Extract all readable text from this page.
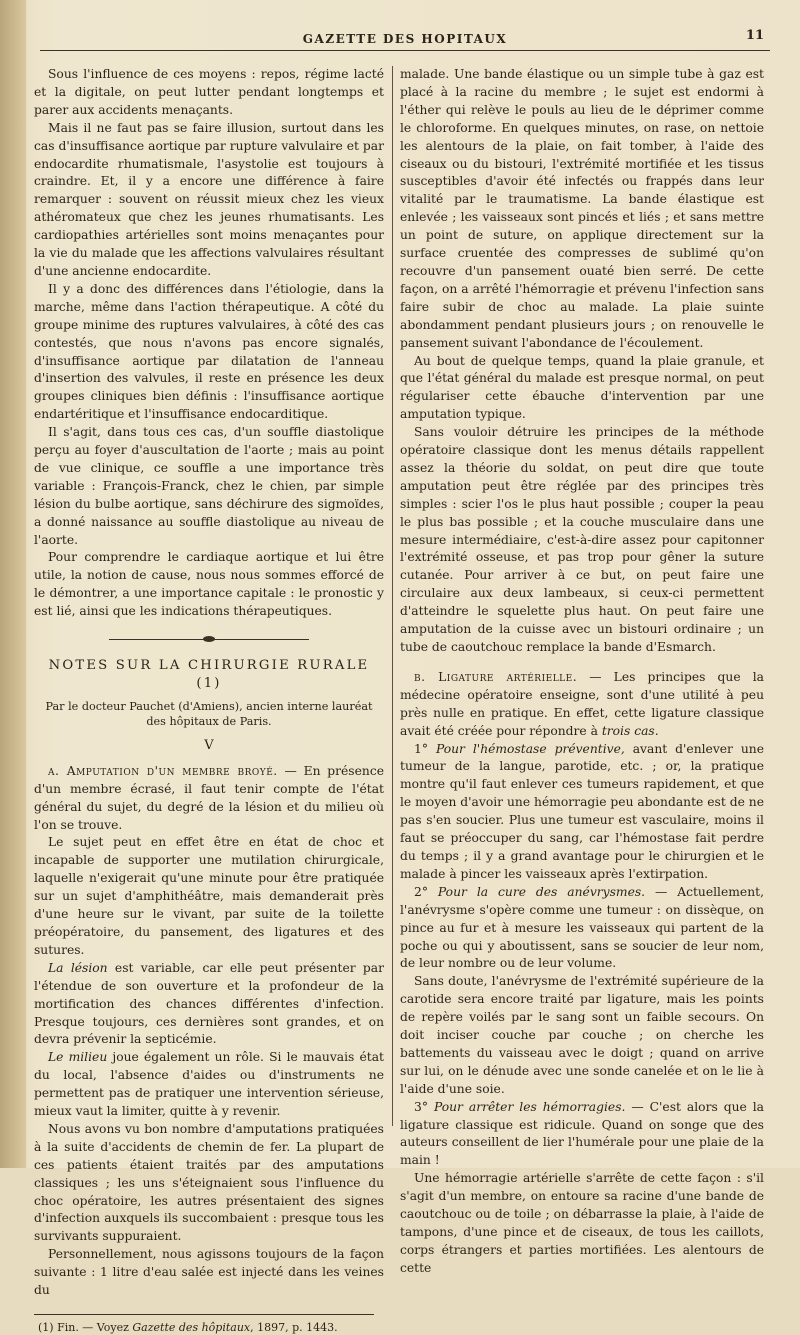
GAZETTE DES HOPITAUX	11

Sous l'influence de ces moyens : repos, régime lacté et la digitale, on peut lutter pendant longtemps et parer aux accidents menaçants.

Mais il ne faut pas se faire illusion, surtout dans les cas d'insuffisance aortique par rupture valvulaire et par endocardite rhumatismale, l'asystolie est toujours à craindre. Et, il y a encore une différence à faire remarquer : souvent on réussit mieux chez les vieux athéromateux que chez les jeunes rhumatisants. Les cardiopathies artérielles sont moins menaçantes pour la vie du malade que les affections valvulaires résultant d'une ancienne endocardite.

Il y a donc des différences dans l'étiologie, dans la marche, même dans l'action thérapeutique. A côté du groupe minime des ruptures valvulaires, à côté des cas contestés, que nous n'avons pas encore signalés, d'insuffisance aortique par dilatation de l'anneau d'insertion des valvules, il reste en présence les deux groupes cliniques bien définis : l'insuffisance aortique endartéritique et l'insuffisance endocarditique.

Il s'agit, dans tous ces cas, d'un souffle diastolique perçu au foyer d'auscultation de l'aorte ; mais au point de vue clinique, ce souffle a une importance très variable : François-Franck, chez le chien, par simple lésion du bulbe aortique, sans déchirure des sigmoïdes, a donné naissance au souffle diastolique au niveau de l'aorte.

Pour comprendre le cardiaque aortique et lui être utile, la notion de cause, nous nous sommes efforcé de le démontrer, a une importance capitale : le pronostic y est lié, ainsi que les indications thérapeutiques.

NOTES SUR LA CHIRURGIE RURALE (1)
Par le docteur Pauchet (d'Amiens), ancien interne lauréat des hôpitaux de Paris.
V

a. Amputation d'un membre broyé. — En présence d'un membre écrasé, il faut tenir compte de l'état général du sujet, du degré de la lésion et du milieu où l'on se trouve.

Le sujet peut en effet être en état de choc et incapable de supporter une mutilation chirurgicale, laquelle n'exigerait qu'une minute pour être pratiquée sur un sujet d'amphithéâtre, mais demanderait près d'une heure sur le vivant, par suite de la toilette préopératoire, du pansement, des ligatures et des sutures.

La lésion est variable, car elle peut présenter par l'étendue de son ouverture et la profondeur de la mortification des chances différentes d'infection. Presque toujours, ces dernières sont grandes, et on devra prévenir la septicémie.

Le milieu joue également un rôle. Si le mauvais état du local, l'absence d'aides ou d'instruments ne permettent pas de pratiquer une intervention sérieuse, mieux vaut la limiter, quitte à y revenir.

Nous avons vu bon nombre d'amputations pratiquées à la suite d'accidents de chemin de fer. La plupart de ces patients étaient traités par des amputations classiques ; les uns s'éteignaient sous l'influence du choc opératoire, les autres présentaient des signes d'infection auxquels ils succombaient : presque tous les survivants suppuraient.

Personnellement, nous agissons toujours de la façon suivante : 1 litre d'eau salée est injecté dans les veines du

(1) Fin. — Voyez Gazette des hôpitaux, 1897, p. 1443.

malade. Une bande élastique ou un simple tube à gaz est placé à la racine du membre ; le sujet est endormi à l'éther qui relève le pouls au lieu de le déprimer comme le chloroforme. En quelques minutes, on rase, on nettoie les alentours de la plaie, on fait tomber, à l'aide des ciseaux ou du bistouri, l'extrémité mortifiée et les tissus susceptibles d'avoir été infectés ou frappés dans leur vitalité par le traumatisme. La bande élastique est enlevée ; les vaisseaux sont pincés et liés ; et sans mettre un point de suture, on applique directement sur la surface cruentée des compresses de sublimé qu'on recouvre d'un pansement ouaté bien serré. De cette façon, on a arrêté l'hémorragie et prévenu l'infection sans faire subir de choc au malade. La plaie suinte abondamment pendant plusieurs jours ; on renouvelle le pansement suivant l'abondance de l'écoulement.

Au bout de quelque temps, quand la plaie granule, et que l'état général du malade est presque normal, on peut régulariser cette ébauche d'intervention par une amputation typique.

Sans vouloir détruire les principes de la méthode opératoire classique dont les menus détails rappellent assez la théorie du soldat, on peut dire que toute amputation peut être réglée par des principes très simples : scier l'os le plus haut possible ; couper la peau le plus bas possible ; et la couche musculaire dans une mesure intermédiaire, c'est-à-dire assez pour capitonner l'extrémité osseuse, et pas trop pour gêner la suture cutanée. Pour arriver à ce but, on peut faire une circulaire aux deux lambeaux, si ceux-ci permettent d'atteindre le squelette plus haut. On peut faire une amputation de la cuisse avec un bistouri ordinaire ; un tube de caoutchouc remplace la bande d'Esmarch.

b. Ligature artérielle. — Les principes que la médecine opératoire enseigne, sont d'une utilité à peu près nulle en pratique. En effet, cette ligature classique avait été créée pour répondre à trois cas.

1° Pour l'hémostase préventive, avant d'enlever une tumeur de la langue, parotide, etc. ; or, la pratique montre qu'il faut enlever ces tumeurs rapidement, et que le moyen d'avoir une hémorragie peu abondante est de ne pas s'en soucier. Plus une tumeur est vasculaire, moins il faut se préoccuper du sang, car l'hémostase fait perdre du temps ; il y a grand avantage pour le chirurgien et le malade à pincer les vaisseaux après l'extirpation.

2° Pour la cure des anévrysmes. — Actuellement, l'anévrysme s'opère comme une tumeur : on dissèque, on pince au fur et à mesure les vaisseaux qui partent de la poche ou qui y aboutissent, sans se soucier de leur nom, de leur nombre ou de leur volume.

Sans doute, l'anévrysme de l'extrémité supérieure de la carotide sera encore traité par ligature, mais les points de repère voilés par le sang sont un faible secours. On doit inciser couche par couche ; on cherche les battements du vaisseau avec le doigt ; quand on arrive sur lui, on le dénude avec une sonde canelée et on le lie à l'aide d'une soie.

3° Pour arrêter les hémorragies. — C'est alors que la ligature classique est ridicule. Quand on songe que des auteurs conseillent de lier l'humérale pour une plaie de la main !

Une hémorragie artérielle s'arrête de cette façon : s'il s'agit d'un membre, on entoure sa racine d'une bande de caoutchouc ou de toile ; on débarrasse la plaie, à l'aide de tampons, d'une pince et de ciseaux, de tous les caillots, corps étrangers et parties mortifiées. Les alentours de cette
